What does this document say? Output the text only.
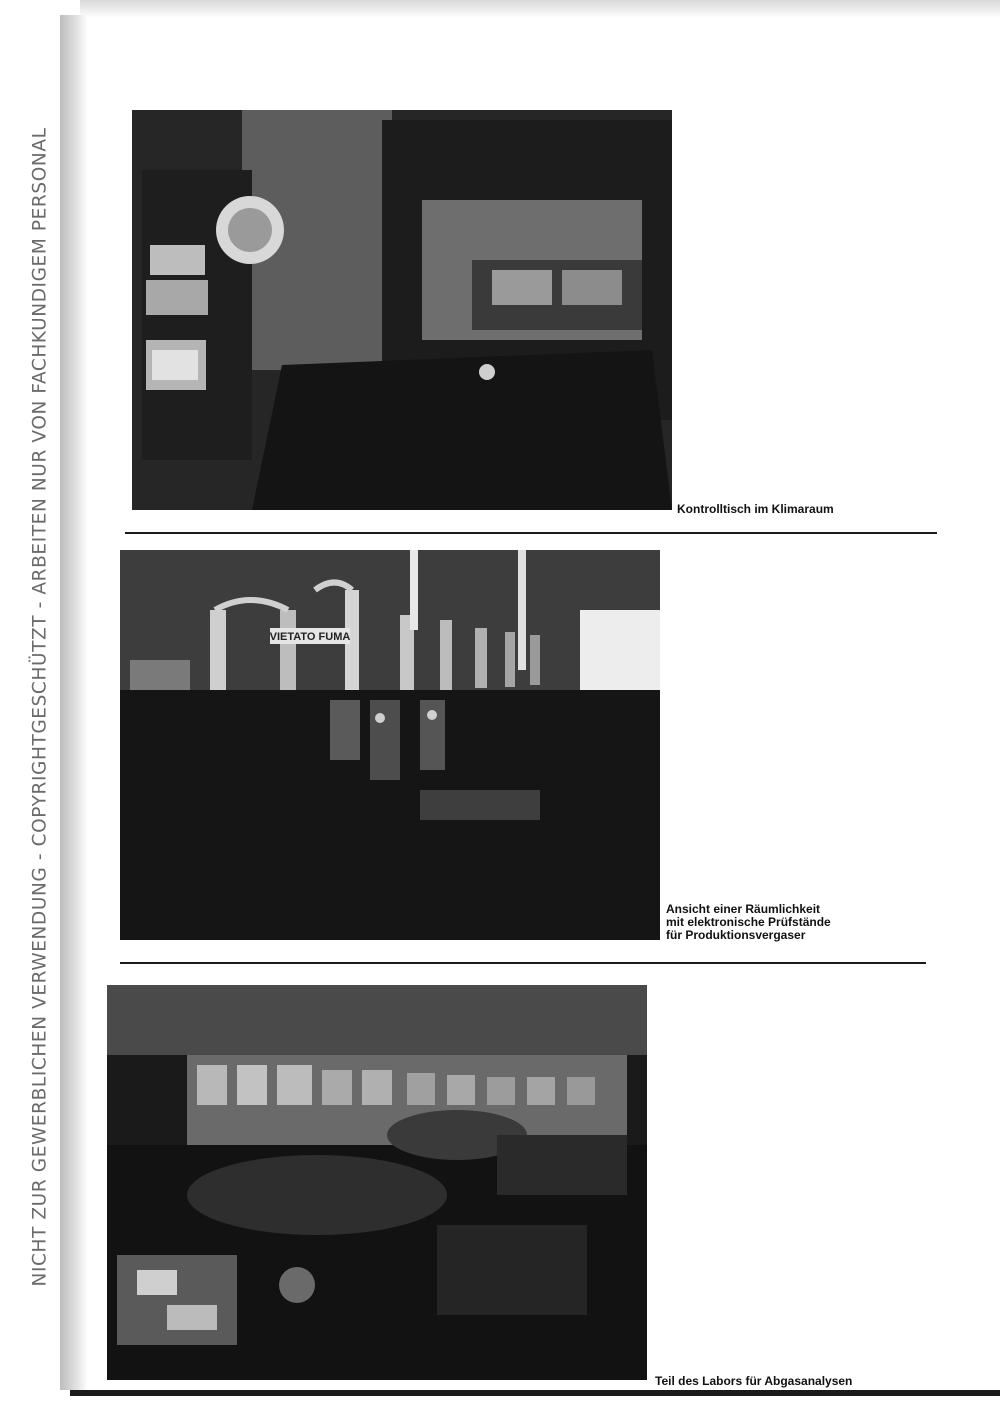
NICHT ZUR GEWERBLICHEN VERWENDUNG - COPYRIGHTGESCHÜTZT - ARBEITEN NUR VON FACHKUNDIGEM PERSONAL	Kontrolltisch im Klimaraum
VIETATO FUMA
Ansicht einer Räumlichkeit
mit elektronische Prüfstände
für Produktionsvergaser
Teil des Labors für Abgasanalysen
